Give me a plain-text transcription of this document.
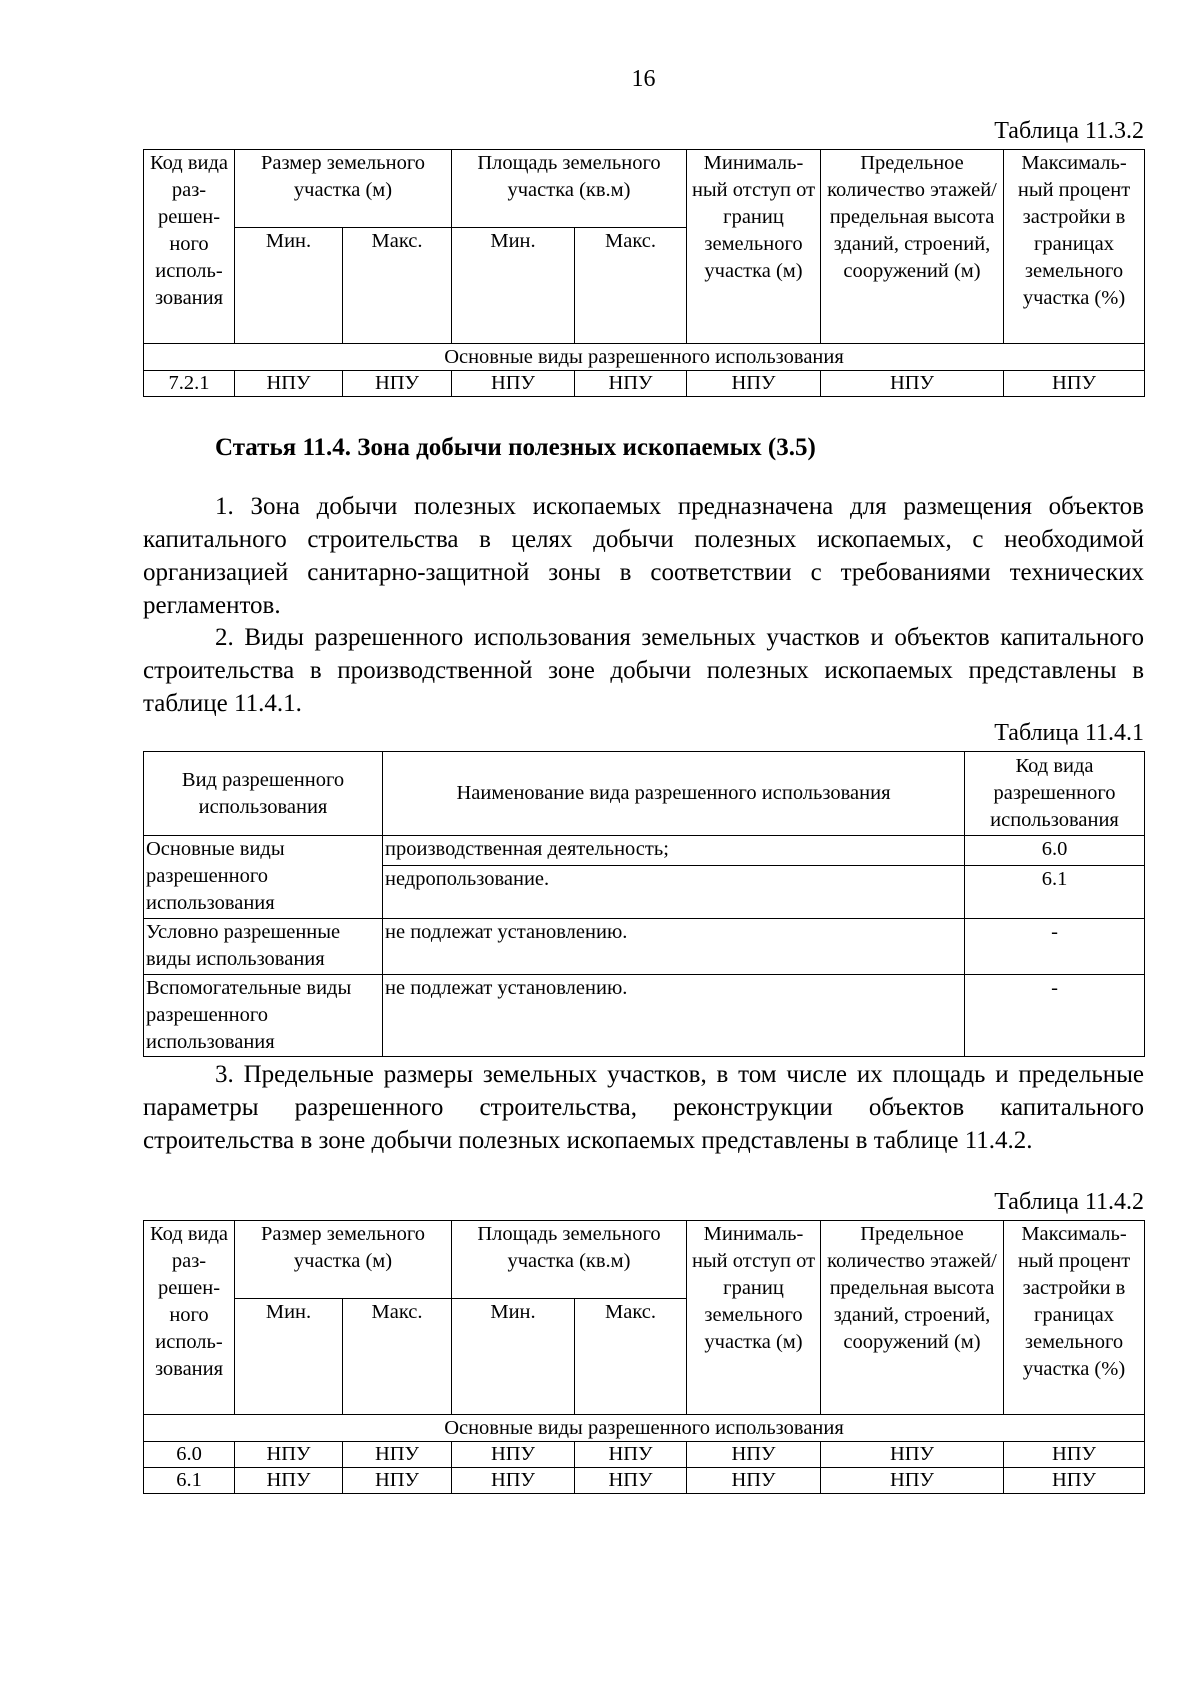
16
Таблица 11.3.2
Код вида раз- решен- ного исполь- зования	Размер земельного участка (м)		Площадь земельного участка (кв.м)		Минималь- ный отступ от границ земельного участка (м)	Предельное количество этажей/ предельная высота зданий, строений, сооружений (м)	Максималь- ный процент застройки в границах земельного участка (%)
	Мин.	Макс.	Мин.	Макс.			
Основные виды разрешенного использования							
7.2.1	НПУ	НПУ	НПУ	НПУ	НПУ	НПУ	НПУ
Статья 11.4. Зона добычи полезных ископаемых (3.5)
1. Зона добычи полезных ископаемых предназначена для размещения объектов капитального строительства в целях добычи полезных ископаемых, с необходимой организацией санитарно-защитной зоны в соответствии с требованиями технических регламентов.
2. Виды разрешенного использования земельных участков и объектов капитального строительства в производственной зоне добычи полезных ископаемых представлены в таблице 11.4.1.
Таблица 11.4.1
Вид разрешенного использования	Наименование вида разрешенного использования	Код вида разрешенного использования
Основные виды разрешенного использования	производственная деятельность;	6.0
	недропользование.	6.1
Условно разрешенные виды использования	не подлежат установлению.	-
Вспомогательные виды разрешенного использования	не подлежат установлению.	-
3. Предельные размеры земельных участков, в том числе их площадь и предельные параметры разрешенного строительства, реконструкции объектов капитального строительства в зоне добычи полезных ископаемых представлены в таблице 11.4.2.
Таблица 11.4.2
Код вида раз- решен- ного исполь- зования	Размер земельного участка (м)		Площадь земельного участка (кв.м)		Минималь- ный отступ от границ земельного участка (м)	Предельное количество этажей/ предельная высота зданий, строений, сооружений (м)	Максималь- ный процент застройки в границах земельного участка (%)
	Мин.	Макс.	Мин.	Макс.			
Основные виды разрешенного использования							
6.0	НПУ	НПУ	НПУ	НПУ	НПУ	НПУ	НПУ
6.1	НПУ	НПУ	НПУ	НПУ	НПУ	НПУ	НПУ
